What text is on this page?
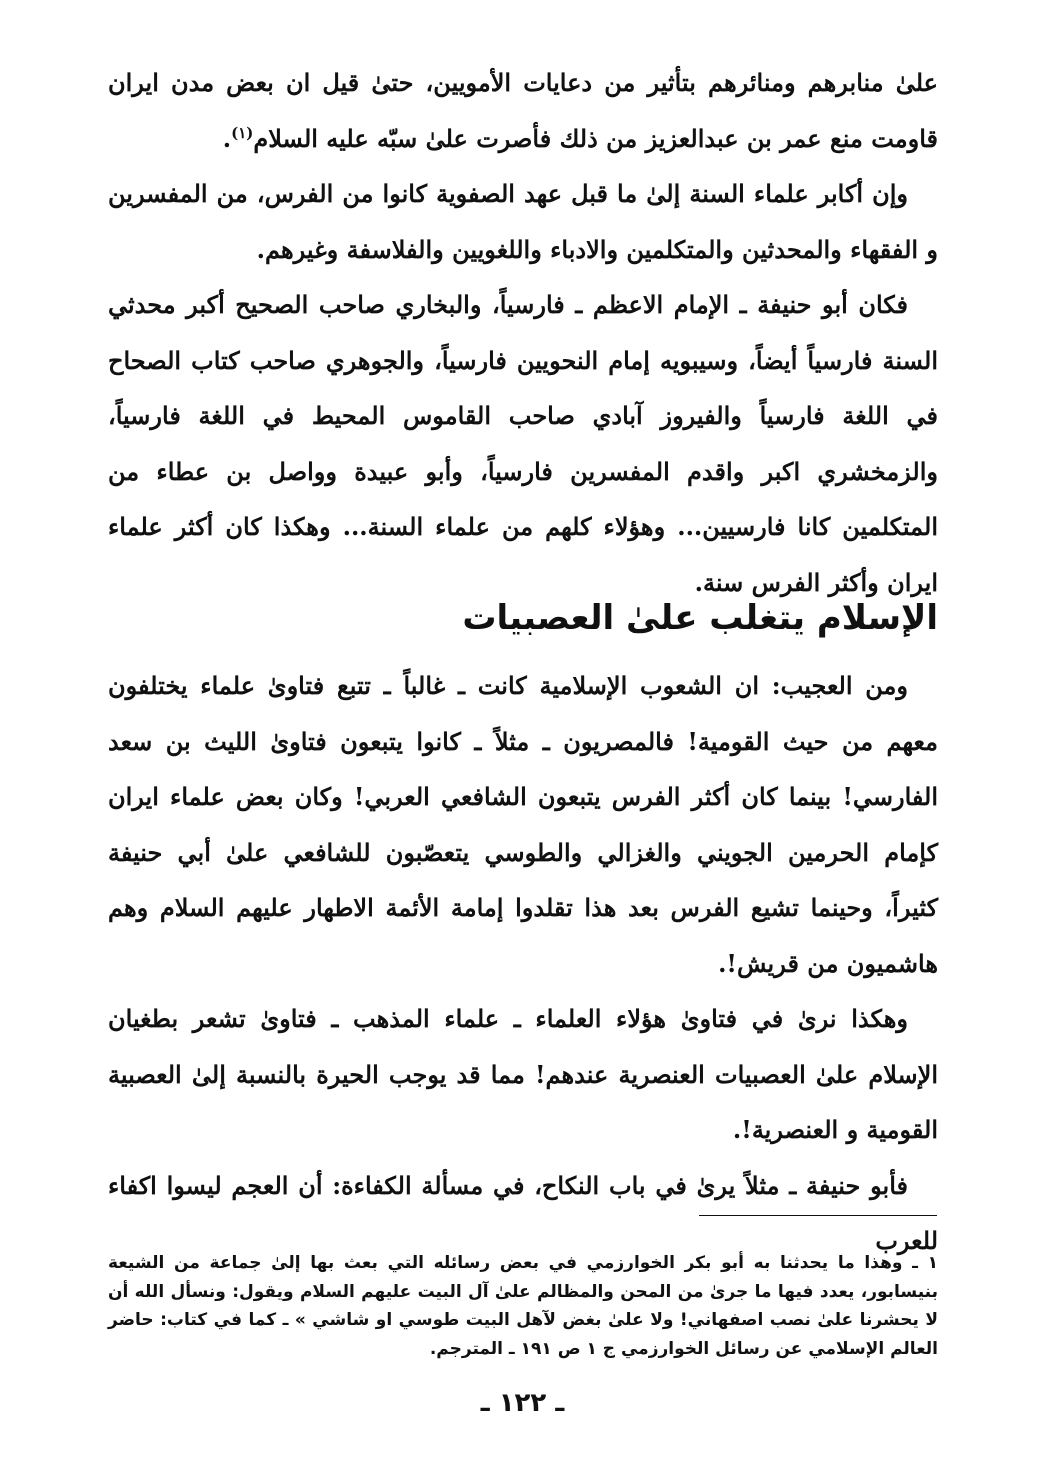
علىٰ منابرهم ومنائرهم بتأثير من دعايات الأمويين، حتىٰ قيل ان بعض مدن ايران قاومت منع عمر بن عبدالعزيز من ذلك فأصرت علىٰ سبّه عليه السلام$^{(١)}$.

وإن أكابر علماء السنة إلىٰ ما قبل عهد الصفوية كانوا من الفرس، من المفسرين و الفقهاء والمحدثين والمتكلمين والادباء واللغويين والفلاسفة وغيرهم.

فكان أبو حنيفة ـ الإمام الاعظم ـ فارسياً، والبخاري صاحب الصحيح أكبر محدثي السنة فارسياً أيضاً، وسيبويه إمام النحويين فارسياً، والجوهري صاحب كتاب الصحاح في اللغة فارسياً والفيروز آبادي صاحب القاموس المحيط في اللغة فارسياً، والزمخشري اكبر واقدم المفسرين فارسياً، وأبو عبيدة وواصل بن عطاء من المتكلمين كانا فارسيين... وهؤلاء كلهم من علماء السنة... وهكذا كان أكثر علماء ايران وأكثر الفرس سنة.

الإسلام يتغلب علىٰ العصبيات

ومن العجيب: ان الشعوب الإسلامية كانت ـ غالباً ـ تتبع فتاوىٰ علماء يختلفون معهم من حيث القومية! فالمصريون ـ مثلاً ـ كانوا يتبعون فتاوىٰ الليث بن سعد الفارسي! بينما كان أكثر الفرس يتبعون الشافعي العربي! وكان بعض علماء ايران كإمام الحرمين الجويني والغزالي والطوسي يتعصّبون للشافعي علىٰ أبي حنيفة كثيراً، وحينما تشيع الفرس بعد هذا تقلدوا إمامة الأئمة الاطهار عليهم السلام وهم هاشميون من قريش!.

وهكذا نرىٰ في فتاوىٰ هؤلاء العلماء ـ علماء المذهب ـ فتاوىٰ تشعر بطغيان الإسلام علىٰ العصبيات العنصرية عندهم! مما قد يوجب الحيرة بالنسبة إلىٰ العصبية القومية و العنصرية!.

فأبو حنيفة ـ مثلاً يرىٰ في باب النكاح، في مسألة الكفاءة: أن العجم ليسوا اكفاء للعرب

١ ـ وهذا ما يحدثنا به أبو بكر الخوارزمي في بعض رسائله التي بعث بها إلىٰ جماعة من الشيعة بنيسابور، يعدد فيها ما جرىٰ من المحن والمظالم علىٰ آل البيت عليهم السلام ويقول: ونسأل الله أن لا يحشرنا علىٰ نصب اصفهاني! ولا علىٰ بغض لآهل البيت طوسي او شاشي » ـ كما في كتاب: حاضر العالم الإسلامي عن رسائل الخوارزمي ج ١ ص ١٩١ ـ المترجم.

ـ ١٢٢ ـ
